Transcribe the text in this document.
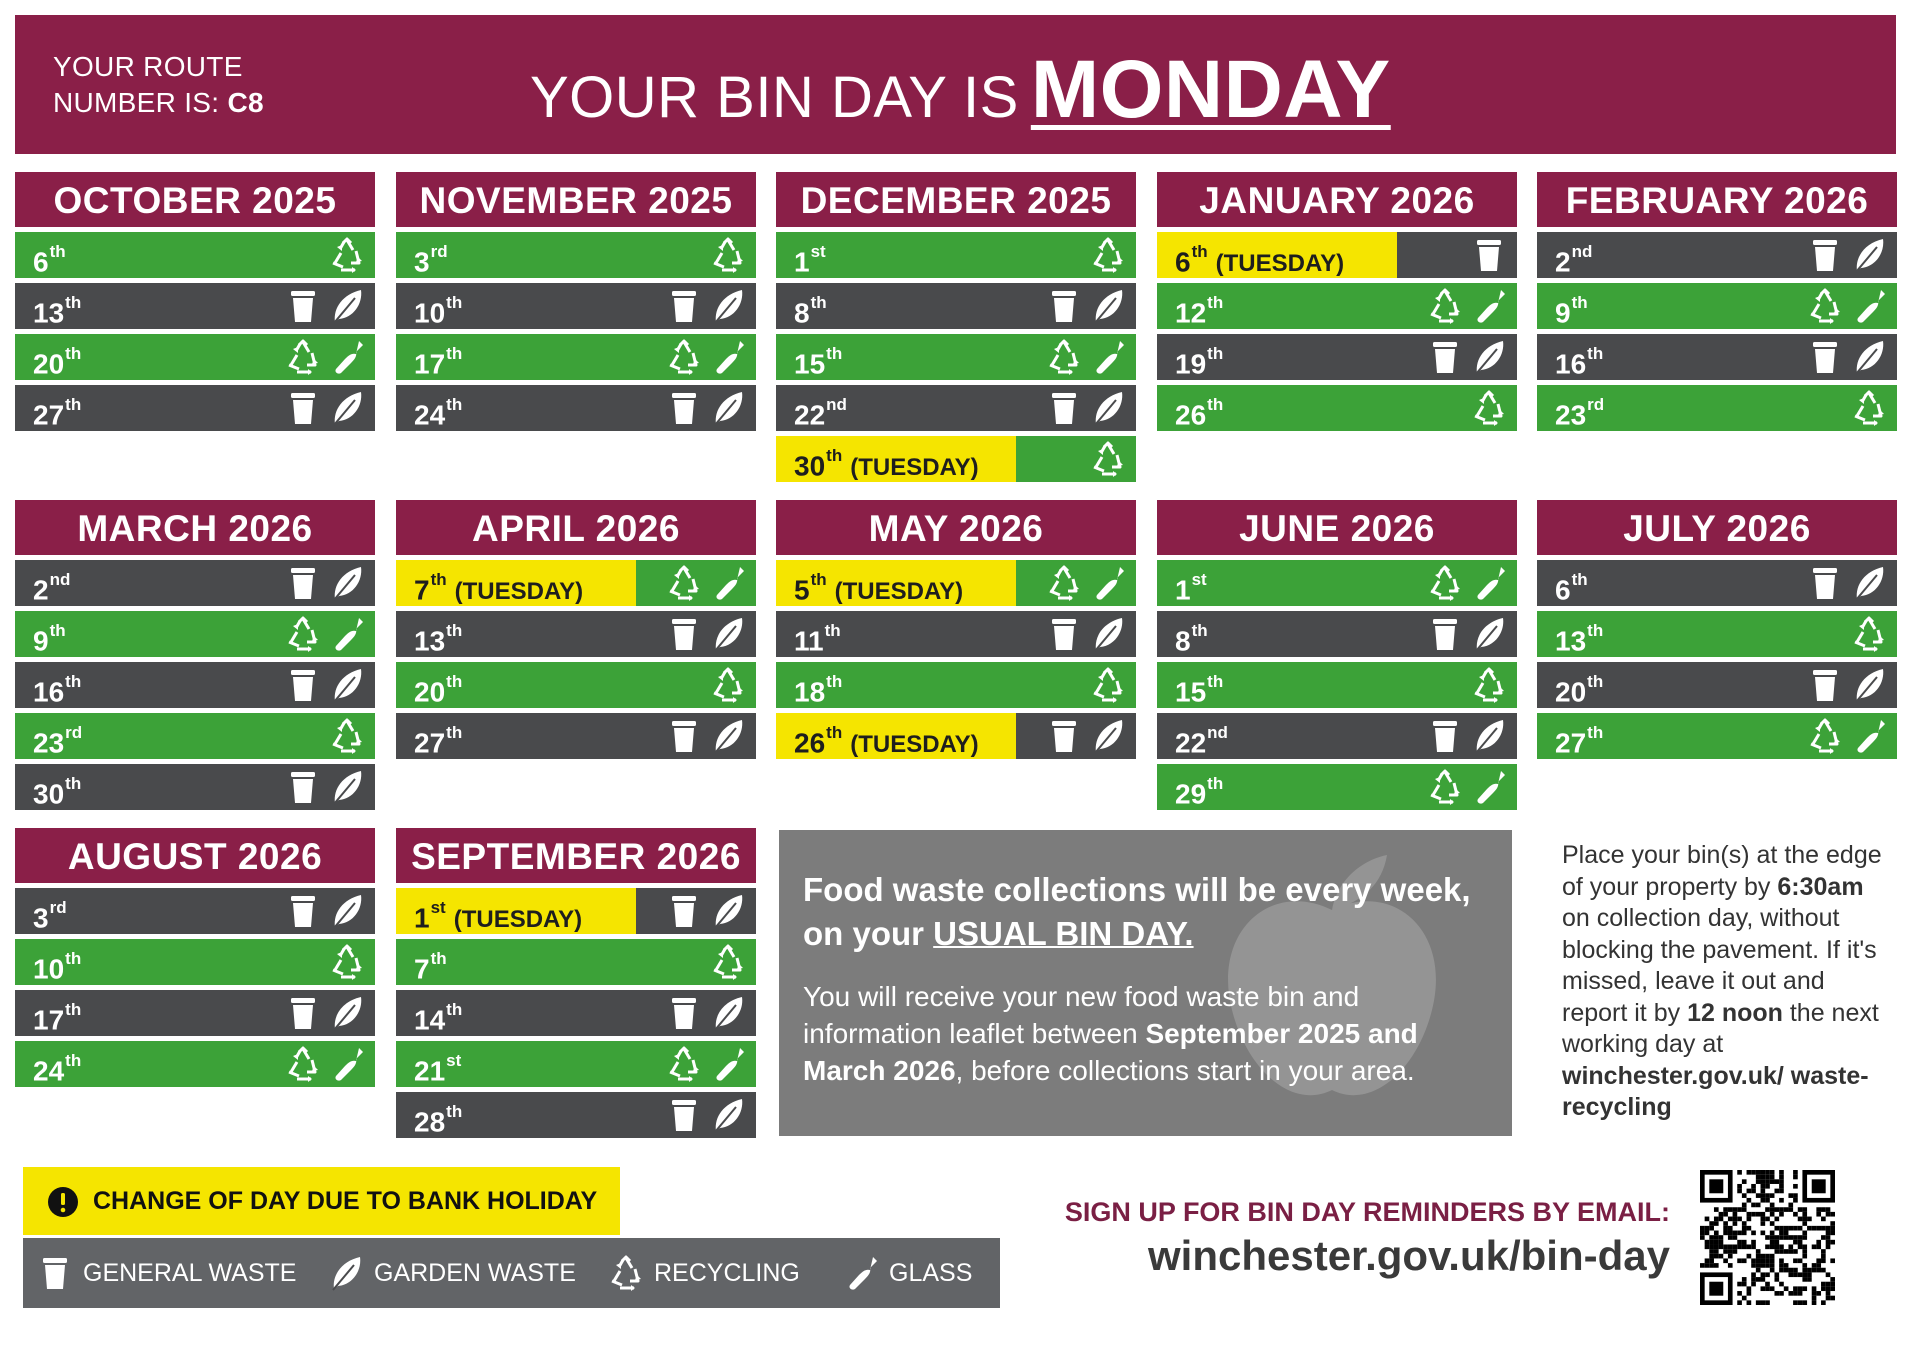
YOUR ROUTE
NUMBER IS: C8	YOUR BIN DAY IS MONDAY
OCTOBER 2025
6th
13th
20th
27th
NOVEMBER 2025
3rd
10th
17th
24th
DECEMBER 2025
1st
8th
15th
22nd
30th (TUESDAY)
JANUARY 2026
6th (TUESDAY)
12th
19th
26th
FEBRUARY 2026
2nd
9th
16th
23rd
MARCH 2026
2nd
9th
16th
23rd
30th
APRIL 2026
7th (TUESDAY)
13th
20th
27th
MAY 2026
5th (TUESDAY)
11th
18th
26th (TUESDAY)
JUNE 2026
1st
8th
15th
22nd
29th
JULY 2026
6th
13th
20th
27th
AUGUST 2026
3rd
10th
17th
24th
SEPTEMBER 2026
1st (TUESDAY)
7th
14th
21st
28th
Food waste collections will be every week, on your USUAL BIN DAY.
You will receive your new food waste bin and information leaflet between September 2025 and March 2026, before collections start in your area.
Place your bin(s) at the edge of your property by 6:30am on collection day, without blocking the pavement. If it's missed, leave it out and report it by 12 noon the next working day at winchester.gov.uk/ waste-recycling
CHANGE OF DAY DUE TO BANK HOLIDAY
GENERAL WASTE	GARDEN WASTE	RECYCLING	GLASS
SIGN UP FOR BIN DAY REMINDERS BY EMAIL:
winchester.gov.uk/bin-day
